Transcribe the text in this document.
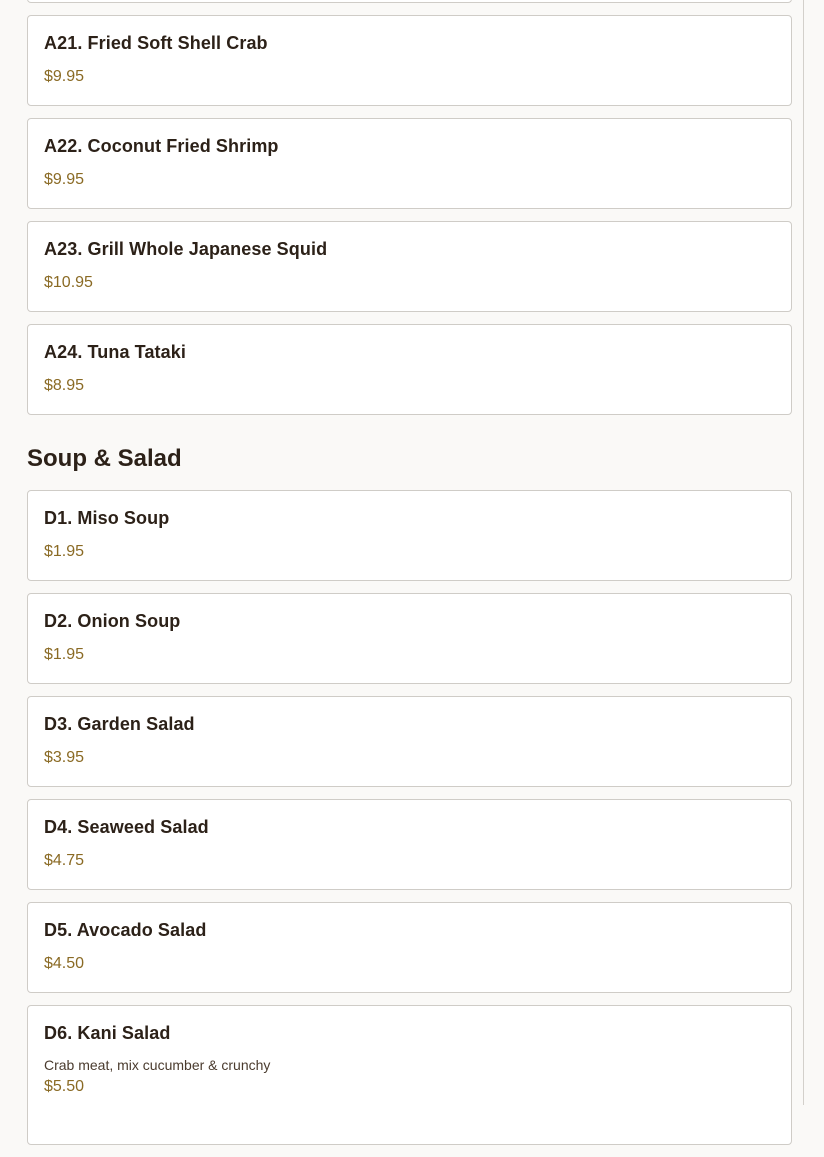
A21. Fried Soft Shell Crab
$9.95
A22. Coconut Fried Shrimp
$9.95
A23. Grill Whole Japanese Squid
$10.95
A24. Tuna Tataki
$8.95
Soup & Salad
D1. Miso Soup
$1.95
D2. Onion Soup
$1.95
D3. Garden Salad
$3.95
D4. Seaweed Salad
$4.75
D5. Avocado Salad
$4.50
D6. Kani Salad
Crab meat, mix cucumber & crunchy
$5.50
